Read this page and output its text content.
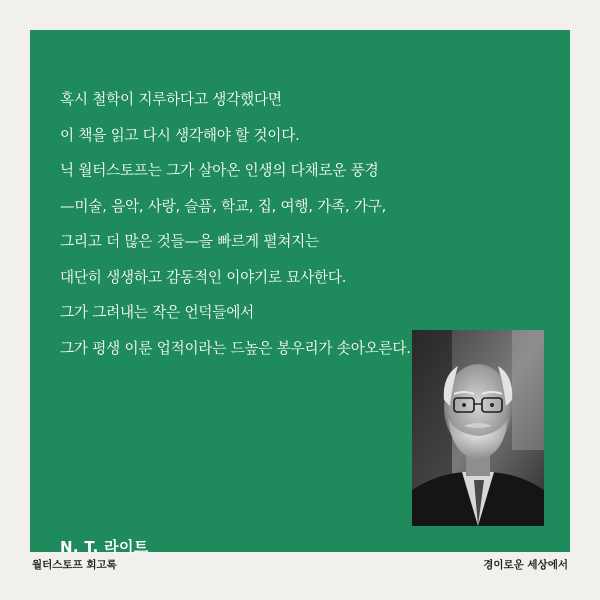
혹시 철학이 지루하다고 생각했다면
이 책을 읽고 다시 생각해야 할 것이다.
닉 월터스토프는 그가 살아온 인생의 다채로운 풍경
—미술, 음악, 사랑, 슬픔, 학교, 집, 여행, 가족, 가구,
그리고 더 많은 것들—을 빠르게 펼쳐지는
대단히 생생하고 감동적인 이야기로 묘사한다.
그가 그려내는 작은 언덕들에서
그가 평생 이룬 업적이라는 드높은 봉우리가 솟아오른다.
N. T. 라이트
월터스토프 회고록	경이로운 세상에서
